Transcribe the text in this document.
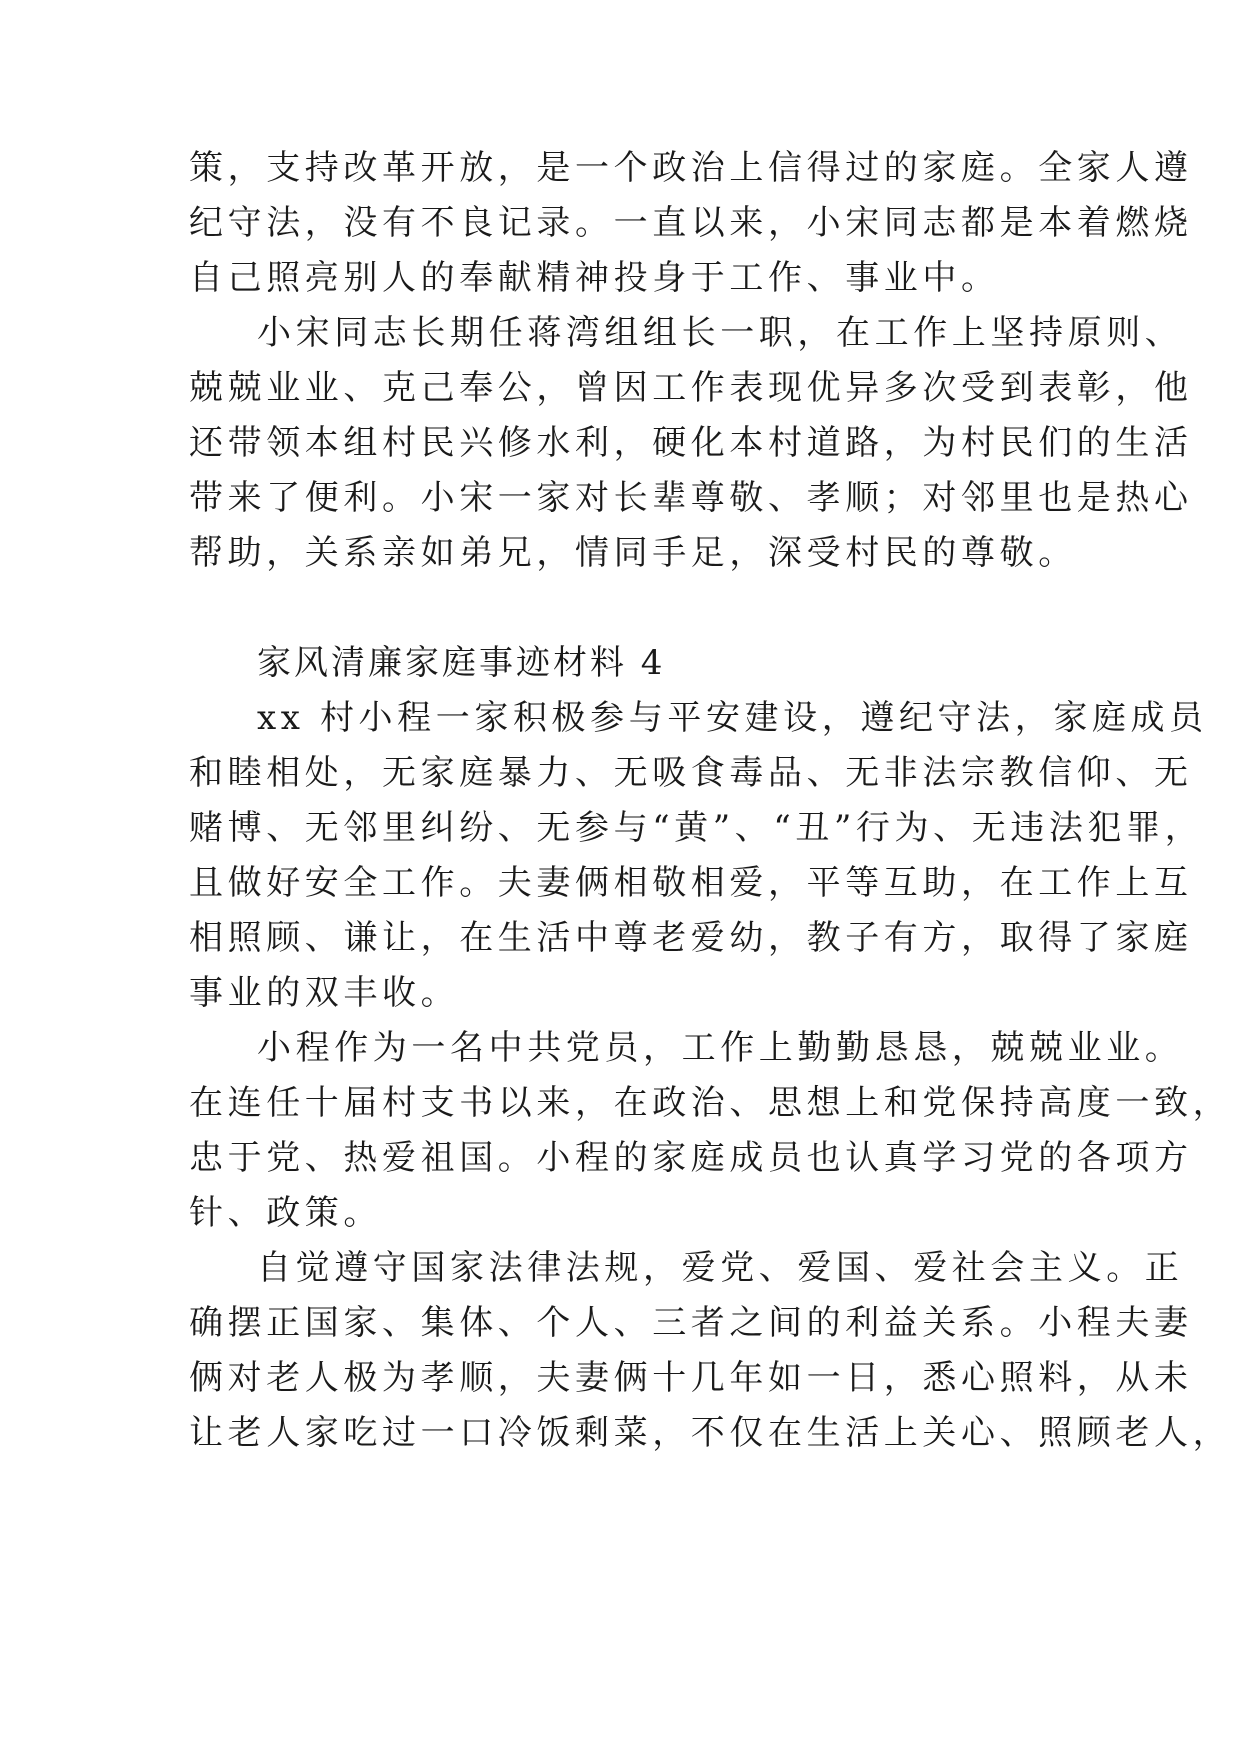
策，支持改革开放，是一个政治上信得过的家庭。全家人遵
纪守法，没有不良记录。一直以来，小宋同志都是本着燃烧
自己照亮别人的奉献精神投身于工作、事业中。
小宋同志长期任蒋湾组组长一职，在工作上坚持原则、
兢兢业业、克己奉公，曾因工作表现优异多次受到表彰，他
还带领本组村民兴修水利，硬化本村道路，为村民们的生活
带来了便利。小宋一家对长辈尊敬、孝顺；对邻里也是热心
帮助，关系亲如弟兄，情同手足，深受村民的尊敬。
家风清廉家庭事迹材料 4
xx 村小程一家积极参与平安建设，遵纪守法，家庭成员
和睦相处，无家庭暴力、无吸食毒品、无非法宗教信仰、无
赌博、无邻里纠纷、无参与“黄”、“丑”行为、无违法犯罪，
且做好安全工作。夫妻俩相敬相爱，平等互助，在工作上互
相照顾、谦让，在生活中尊老爱幼，教子有方，取得了家庭
事业的双丰收。
小程作为一名中共党员，工作上勤勤恳恳，兢兢业业。
在连任十届村支书以来，在政治、思想上和党保持高度一致，
忠于党、热爱祖国。小程的家庭成员也认真学习党的各项方
针、政策。
自觉遵守国家法律法规，爱党、爱国、爱社会主义。正
确摆正国家、集体、个人、三者之间的利益关系。小程夫妻
俩对老人极为孝顺，夫妻俩十几年如一日，悉心照料，从未
让老人家吃过一口冷饭剩菜，不仅在生活上关心、照顾老人，
